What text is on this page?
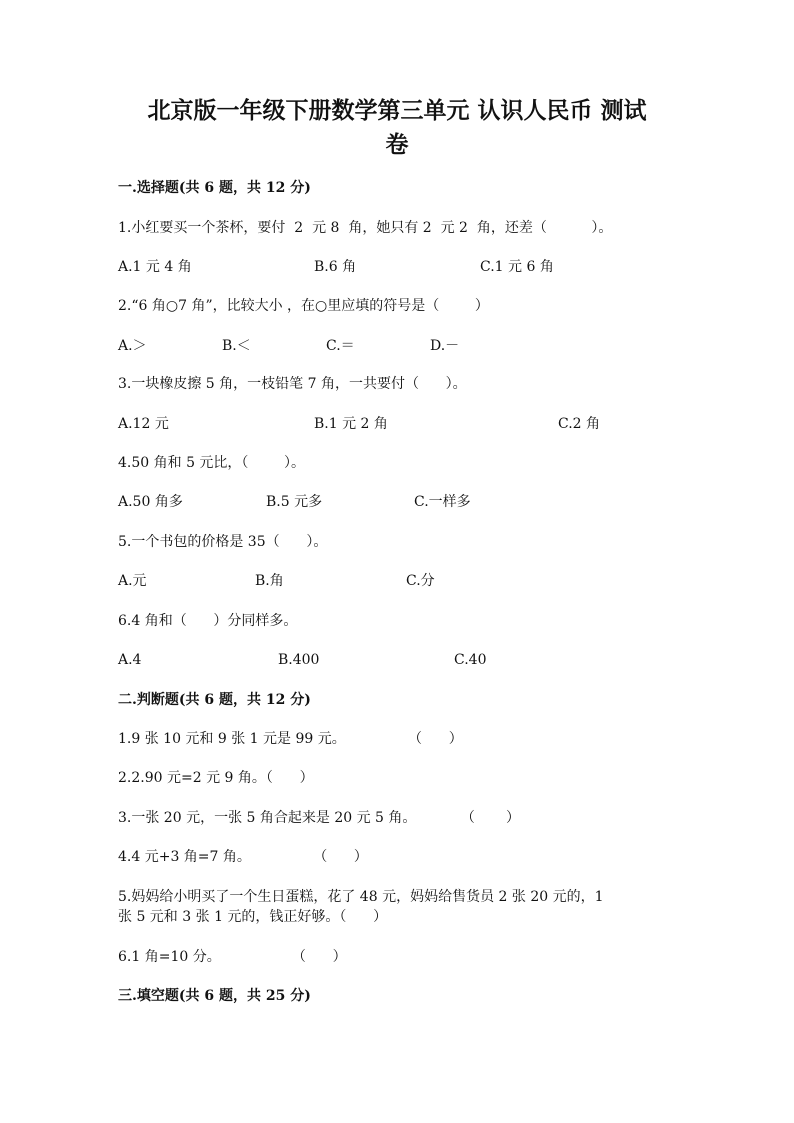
北京版一年级下册数学第三单元 认识人民币 测试
卷
一.选择题(共 6 题，共 12 分)
1.小红要买一个茶杯，要付  2  元 8  角，她只有 2  元 2  角，还差（          ）。
A.1 元 4 角	B.6 角	C.1 元 6 角
2.“6 角○7 角”，比较大小 ，在○里应填的符号是（        ）
A.＞	B.＜	C.＝	D.－
3.一块橡皮擦 5 角，一枝铅笔 7 角，一共要付（      ）。
A.12 元	B.1 元 2 角	C.2 角
4.50 角和 5 元比，（        ）。
A.50 角多	B.5 元多	C.一样多
5.一个书包的价格是 35（      ）。
A.元	B.角	C.分
6.4 角和（      ）分同样多。
A.4	B.400	C.40
二.判断题(共 6 题，共 12 分)
1.9 张 10 元和 9 张 1 元是 99 元。              （      ）
2.2.90 元=2 元 9 角。（      ）
3.一张 20 元，一张 5 角合起来是 20 元 5 角。          （       ）
4.4 元+3 角=7 角。              （      ）
5.妈妈给小明买了一个生日蛋糕，花了 48 元，妈妈给售货员 2 张 20 元的，1
张 5 元和 3 张 1 元的，钱正好够。（      ）
6.1 角=10 分。                （      ）
三.填空题(共 6 题，共 25 分)
